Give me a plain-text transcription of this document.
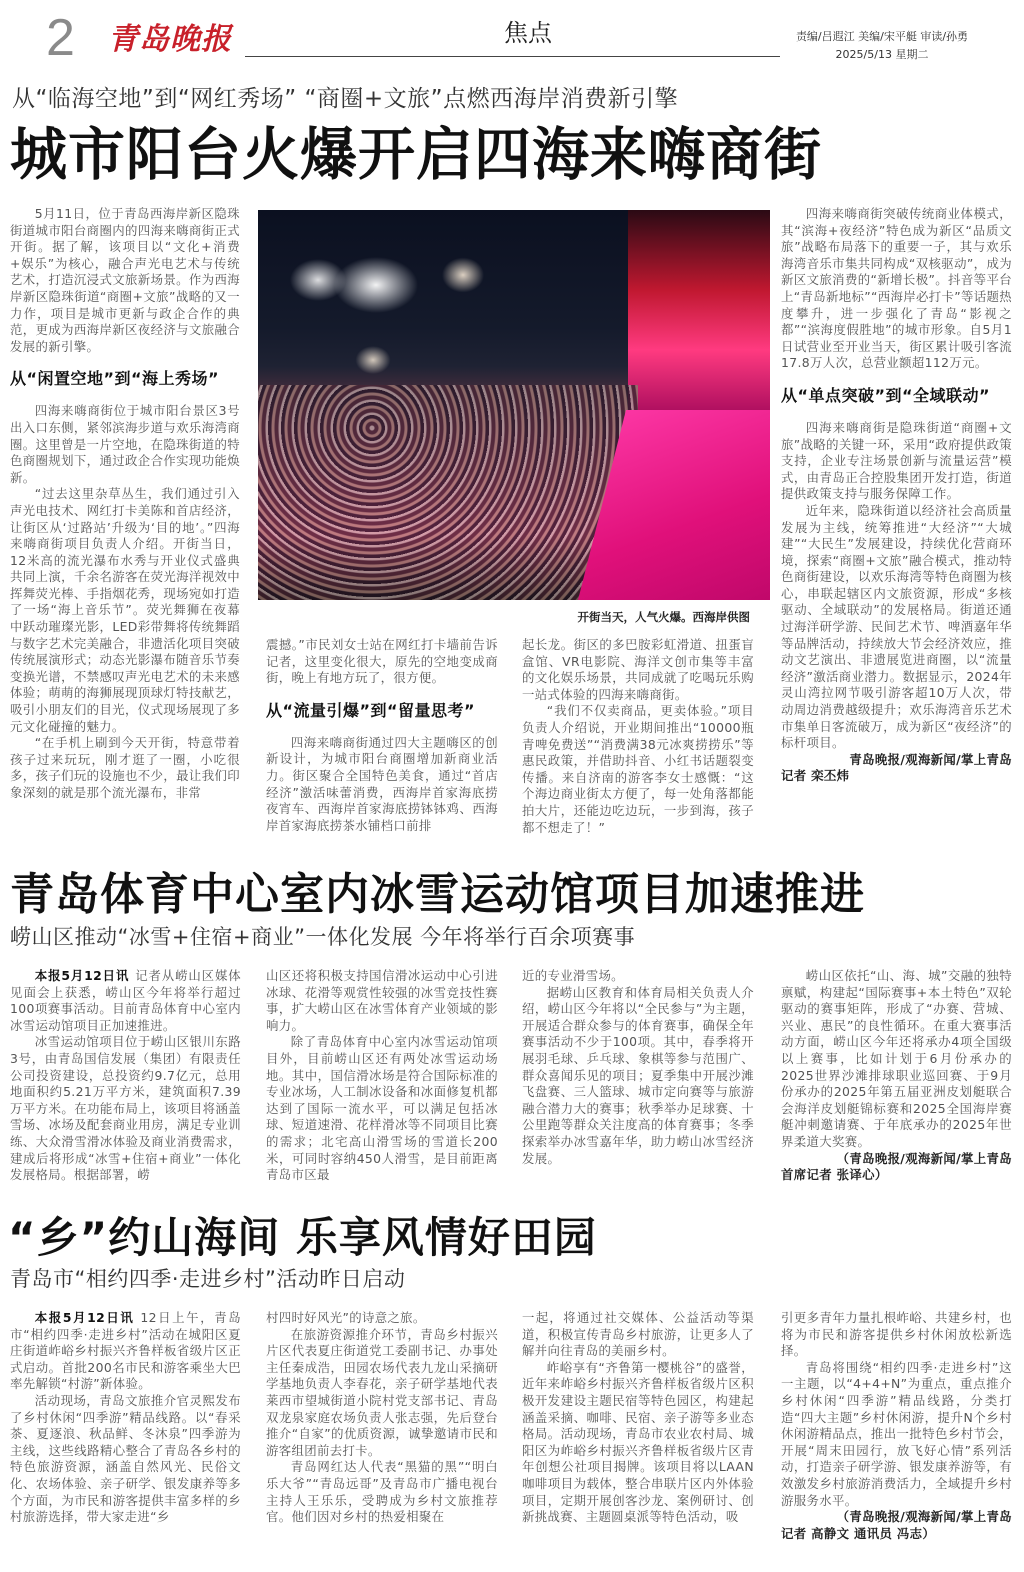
2 青岛晚报	焦点	责编/吕遐江 美编/宋平艇 审读/孙勇
2025/5/13 星期二
从“临海空地”到“网红秀场” “商圈+文旅”点燃西海岸消费新引擎
城市阳台火爆开启四海来嗨商街

5月11日，位于青岛西海岸新区隐珠街道城市阳台商圈内的四海来嗨商街正式开街。据了解，该项目以“文化+消费+娱乐”为核心，融合声光电艺术与传统艺术，打造沉浸式文旅新场景。作为西海岸新区隐珠街道“商圈+文旅”战略的又一力作，项目是城市更新与政企合作的典范，更成为西海岸新区夜经济与文旅融合发展的新引擎。

从“闲置空地”到“海上秀场”

四海来嗨商街位于城市阳台景区3号出入口东侧，紧邻滨海步道与欢乐海湾商圈。这里曾是一片空地，在隐珠街道的特色商圈规划下，通过政企合作实现功能焕新。

“过去这里杂草丛生，我们通过引入声光电技术、网红打卡美陈和首店经济，让街区从‘过路站’升级为‘目的地’。”四海来嗨商街项目负责人介绍。开街当日，12米高的流光瀑布水秀与开业仪式盛典共同上演，千余名游客在荧光海洋视效中挥舞荧光棒、手指烟花秀，现场宛如打造了一场“海上音乐节”。荧光舞狮在夜幕中跃动璀璨光影，LED彩带舞将传统舞蹈与数字艺术完美融合，非遗活化项目突破传统展演形式；动态光影瀑布随音乐节奏变换光谱，不禁感叹声光电艺术的未来感体验；萌萌的海狮展现顶球灯特技献艺，吸引小朋友们的目光，仪式现场展现了多元文化碰撞的魅力。

“在手机上刷到今天开街，特意带着孩子过来玩玩，刚才逛了一圈，小吃很多，孩子们玩的设施也不少，最让我们印象深刻的就是那个流光瀑布，非常

开街当天，人气火爆。西海岸供图

震撼。”市民刘女士站在网红打卡墙前告诉记者，这里变化很大，原先的空地变成商街，晚上有地方玩了，很方便。

从“流量引爆”到“留量思考”

四海来嗨商街通过四大主题嗨区的创新设计，为城市阳台商圈增加新商业活力。街区聚合全国特色美食，通过“首店经济”激活味蕾消费，西海岸首家海底捞夜宵车、西海岸首家海底捞钵钵鸡、西海岸首家海底捞茶水铺档口前排

起长龙。街区的多巴胺彩虹滑道、扭蛋盲盒馆、VR电影院、海洋文创市集等丰富的文化娱乐场景，共同成就了吃喝玩乐购一站式体验的四海来嗨商街。

“我们不仅卖商品，更卖体验。”项目负责人介绍说，开业期间推出“10000瓶青啤免费送”“消费满38元冰爽捞捞乐”等惠民政策，并借助抖音、小红书话题裂变传播。来自济南的游客李女士感慨：“这个海边商业街太方便了，每一处角落都能拍大片，还能边吃边玩，一步到海，孩子都不想走了！”

四海来嗨商街突破传统商业体模式，其“滨海+夜经济”特色成为新区“品质文旅”战略布局落下的重要一子，其与欢乐海湾音乐市集共同构成“双核驱动”，成为新区文旅消费的“新增长极”。抖音等平台上“青岛新地标”“西海岸必打卡”等话题热度攀升，进一步强化了青岛“影视之都”“滨海度假胜地”的城市形象。自5月1日试营业至开业当天，街区累计吸引客流17.8万人次，总营业额超112万元。

从“单点突破”到“全域联动”

四海来嗨商街是隐珠街道“商圈+文旅”战略的关键一环，采用“政府提供政策支持，企业专注场景创新与流量运营”模式，由青岛正合控股集团开发打造，街道提供政策支持与服务保障工作。

近年来，隐珠街道以经济社会高质量发展为主线，统筹推进“大经济”“大城建”“大民生”发展建设，持续优化营商环境，探索“商圈+文旅”融合模式，推动特色商街建设，以欢乐海湾等特色商圈为核心，串联起辖区内文旅资源，形成“多核驱动、全域联动”的发展格局。街道还通过海洋研学游、民间艺术节、啤酒嘉年华等品牌活动，持续放大节会经济效应，推动文艺演出、非遗展览进商圈，以“流量经济”激活商业潜力。数据显示，2024年灵山湾拉网节吸引游客超10万人次，带动周边消费越级提升；欢乐海湾音乐艺术市集单日客流破万，成为新区“夜经济”的标杆项目。

青岛晚报/观海新闻/掌上青岛

记者 栾丕炜

青岛体育中心室内冰雪运动馆项目加速推进
崂山区推动“冰雪+住宿+商业”一体化发展 今年将举行百余项赛事

本报5月12日讯 记者从崂山区媒体见面会上获悉，崂山区今年将举行超过100项赛事活动。目前青岛体育中心室内冰雪运动馆项目正加速推进。

冰雪运动馆项目位于崂山区银川东路3号，由青岛国信发展（集团）有限责任公司投资建设，总投资约9.7亿元，总用地面积约5.21万平方米，建筑面积7.39万平方米。在功能布局上，该项目将涵盖雪场、冰场及配套商业用房，满足专业训练、大众滑雪滑冰体验及商业消费需求，建成后将形成“冰雪+住宿+商业”一体化发展格局。根据部署，崂

山区还将积极支持国信滑冰运动中心引进冰球、花滑等观赏性较强的冰雪竞技性赛事，扩大崂山区在冰雪体育产业领域的影响力。

除了青岛体育中心室内冰雪运动馆项目外，目前崂山区还有两处冰雪运动场地。其中，国信滑冰场是符合国际标准的专业冰场，人工制冰设备和冰面修复机都达到了国际一流水平，可以满足包括冰球、短道速滑、花样滑冰等不同项目比赛的需求；北宅高山滑雪场的雪道长200米，可同时容纳450人滑雪，是目前距离青岛市区最

近的专业滑雪场。

据崂山区教育和体育局相关负责人介绍，崂山区今年将以“全民参与”为主题，开展适合群众参与的体育赛事，确保全年赛事活动不少于100项。其中，春季将开展羽毛球、乒乓球、象棋等参与范围广、群众喜闻乐见的项目；夏季集中开展沙滩飞盘赛、三人篮球、城市定向赛等与旅游融合潜力大的赛事；秋季举办足球赛、十公里跑等群众关注度高的体育赛事；冬季探索举办冰雪嘉年华，助力崂山冰雪经济发展。

崂山区依托“山、海、城”交融的独特禀赋，构建起“国际赛事+本土特色”双轮驱动的赛事矩阵，形成了“办赛、营城、兴业、惠民”的良性循环。在重大赛事活动方面，崂山区今年还将承办4项全国级以上赛事，比如计划于6月份承办的2025世界沙滩排球职业巡回赛、于9月份承办的2025年第五届亚洲皮划艇联合会海洋皮划艇锦标赛和2025全国海岸赛艇冲刺邀请赛、于年底承办的2025年世界柔道大奖赛。

（青岛晚报/观海新闻/掌上青岛

首席记者 张译心）

“乡”约山海间 乐享风情好田园
青岛市“相约四季·走进乡村”活动昨日启动

本报5月12日讯 12日上午，青岛市“相约四季·走进乡村”活动在城阳区夏庄街道岞峪乡村振兴齐鲁样板省级片区正式启动。首批200名市民和游客乘坐大巴率先解锁“村游”新体验。

活动现场，青岛文旅推介官灵熙发布了乡村休闲“四季游”精品线路。以“春采茶、夏逐浪、秋品鲜、冬沐泉”四季游为主线，这些线路精心整合了青岛各乡村的特色旅游资源，涵盖自然风光、民俗文化、农场体验、亲子研学、银发康养等多个方面，为市民和游客提供丰富多样的乡村旅游选择，带大家走进“乡

村四时好风光”的诗意之旅。

在旅游资源推介环节，青岛乡村振兴片区代表夏庄街道党工委副书记、办事处主任秦成浩，田园农场代表九龙山采摘研学基地负责人李春花，亲子研学基地代表莱西市望城街道小院村党支部书记、青岛双龙泉家庭农场负责人张志强，先后登台推介“自家”的优质资源，诚挚邀请市民和游客组团前去打卡。

青岛网红达人代表“黑猫的黑”“明白乐大爷”“青岛远哥”及青岛市广播电视台主持人王乐乐，受聘成为乡村文旅推荐官。他们因对乡村的热爱相聚在

一起，将通过社交媒体、公益活动等渠道，积极宣传青岛乡村旅游，让更多人了解并向往青岛的美丽乡村。

岞峪享有“齐鲁第一樱桃谷”的盛誉，近年来岞峪乡村振兴齐鲁样板省级片区积极开发建设主题民宿等特色园区，构建起涵盖采摘、咖啡、民宿、亲子游等多业态格局。活动现场，青岛市农业农村局、城阳区为岞峪乡村振兴齐鲁样板省级片区青年创想公社项目揭牌。该项目将以LAAN咖啡项目为载体，整合串联片区内外体验项目，定期开展创客沙龙、案例研讨、创新挑战赛、主题圆桌派等特色活动，吸

引更多青年力量扎根岞峪、共建乡村，也将为市民和游客提供乡村休闲放松新选择。

青岛将围绕“相约四季·走进乡村”这一主题，以“4+4+N”为重点，重点推介乡村休闲“四季游”精品线路，分类打造“四大主题”乡村休闲游，提升N个乡村休闲游精品点，推出一批特色乡村节会，开展“周末田园行，放飞好心情”系列活动，打造亲子研学游、银发康养游等，有效激发乡村旅游消费活力，全域提升乡村游服务水平。

（青岛晚报/观海新闻/掌上青岛

记者 高静文 通讯员 冯志）
